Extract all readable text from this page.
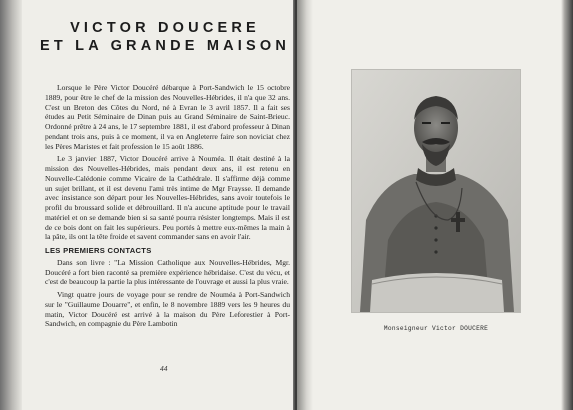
VICTOR DOUCERE
ET LA GRANDE MAISON

Lorsque le Père Victor Doucéré débarque à Port-Sandwich le 15 octobre 1889, pour être le chef de la mission des Nouvelles-Hébrides, il n'a que 32 ans. C'est un Breton des Côtes du Nord, né à Evran le 3 avril 1857. Il a fait ses études au Petit Séminaire de Dinan puis au Grand Séminaire de Saint-Brieuc. Ordonné prêtre à 24 ans, le 17 septembre 1881, il est d'abord professeur à Dinan pendant trois ans, puis à ce moment, il va en Angleterre faire son noviciat chez les Pères Maristes et fait profession le 15 août 1886.

Le 3 janvier 1887, Victor Doucéré arrive à Nouméa. Il était destiné à la mission des Nouvelles-Hébrides, mais pendant deux ans, il est retenu en Nouvelle-Calédonie comme Vicaire de la Cathédrale. Il s'affirme déjà comme un sujet brillant, et il est devenu l'ami très intime de Mgr Fraysse. Il demande avec insistance son départ pour les Nouvelles-Hébrides, sans avoir toutefois le profil du broussard solide et débrouillard. Il n'a aucune aptitude pour le travail matériel et on se demande bien si sa santé pourra résister longtemps. Mais il est de ce bois dont on fait les supérieurs. Peu portés à mettre eux-mêmes la main à la pâte, ils ont la tête froide et savent commander sans en avoir l'air.

LES PREMIERS CONTACTS

Dans son livre : "La Mission Catholique aux Nouvelles-Hébrides, Mgr. Doucéré a fort bien raconté sa première expérience hébridaise. C'est du vécu, et c'est de beaucoup la partie la plus intéressante de l'ouvrage et aussi la plus vraie.

Vingt quatre jours de voyage pour se rendre de Nouméa à Port-Sandwich sur le "Guillaume Douarre", et enfin, le 8 novembre 1889 vers les 9 heures du matin, Victor Doucéré est arrivé à la maison du Père Leforestier à Port-Sandwich, en compagnie du Père Lambotin

44
Monseigneur Victor DOUCERE
